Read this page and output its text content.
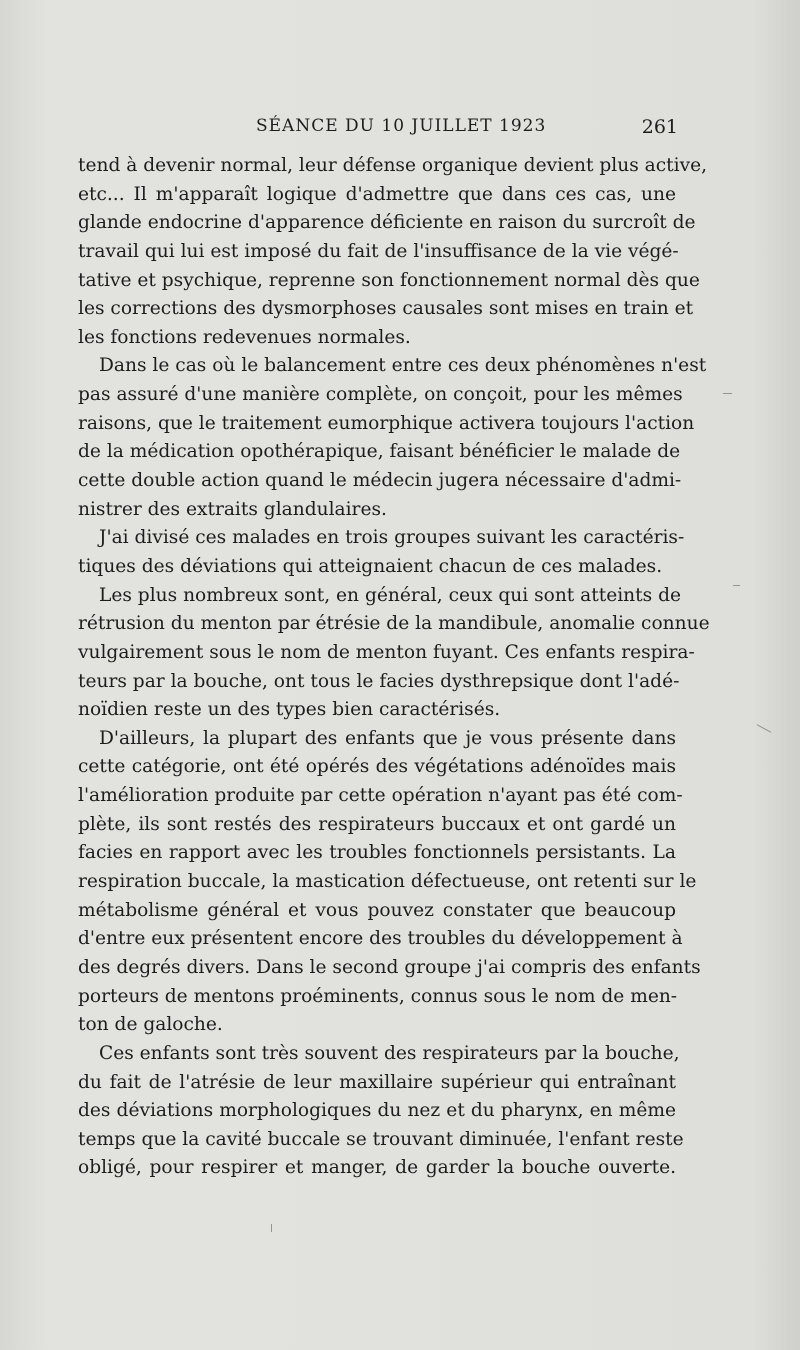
SÉANCE DU 10 JUILLET 1923	261
tend à devenir normal, leur défense organique devient plus active,
etc... Il m'apparaît logique d'admettre que dans ces cas, une
glande endocrine d'apparence déficiente en raison du surcroît de
travail qui lui est imposé du fait de l'insuffisance de la vie végé-
tative et psychique, reprenne son fonctionnement normal dès que
les corrections des dysmorphoses causales sont mises en train et
les fonctions redevenues normales.
Dans le cas où le balancement entre ces deux phénomènes n'est
pas assuré d'une manière complète, on conçoit, pour les mêmes
raisons, que le traitement eumorphique activera toujours l'action
de la médication opothérapique, faisant bénéficier le malade de
cette double action quand le médecin jugera nécessaire d'admi-
nistrer des extraits glandulaires.
J'ai divisé ces malades en trois groupes suivant les caractéris-
tiques des déviations qui atteignaient chacun de ces malades.
Les plus nombreux sont, en général, ceux qui sont atteints de
rétrusion du menton par étrésie de la mandibule, anomalie connue
vulgairement sous le nom de menton fuyant. Ces enfants respira-
teurs par la bouche, ont tous le facies dysthrepsique dont l'adé-
noïdien reste un des types bien caractérisés.
D'ailleurs, la plupart des enfants que je vous présente dans
cette catégorie, ont été opérés des végétations adénoïdes mais
l'amélioration produite par cette opération n'ayant pas été com-
plète, ils sont restés des respirateurs buccaux et ont gardé un
facies en rapport avec les troubles fonctionnels persistants. La
respiration buccale, la mastication défectueuse, ont retenti sur le
métabolisme général et vous pouvez constater que beaucoup
d'entre eux présentent encore des troubles du développement à
des degrés divers. Dans le second groupe j'ai compris des enfants
porteurs de mentons proéminents, connus sous le nom de men-
ton de galoche.
Ces enfants sont très souvent des respirateurs par la bouche,
du fait de l'atrésie de leur maxillaire supérieur qui entraînant
des déviations morphologiques du nez et du pharynx, en même
temps que la cavité buccale se trouvant diminuée, l'enfant reste
obligé, pour respirer et manger, de garder la bouche ouverte.
